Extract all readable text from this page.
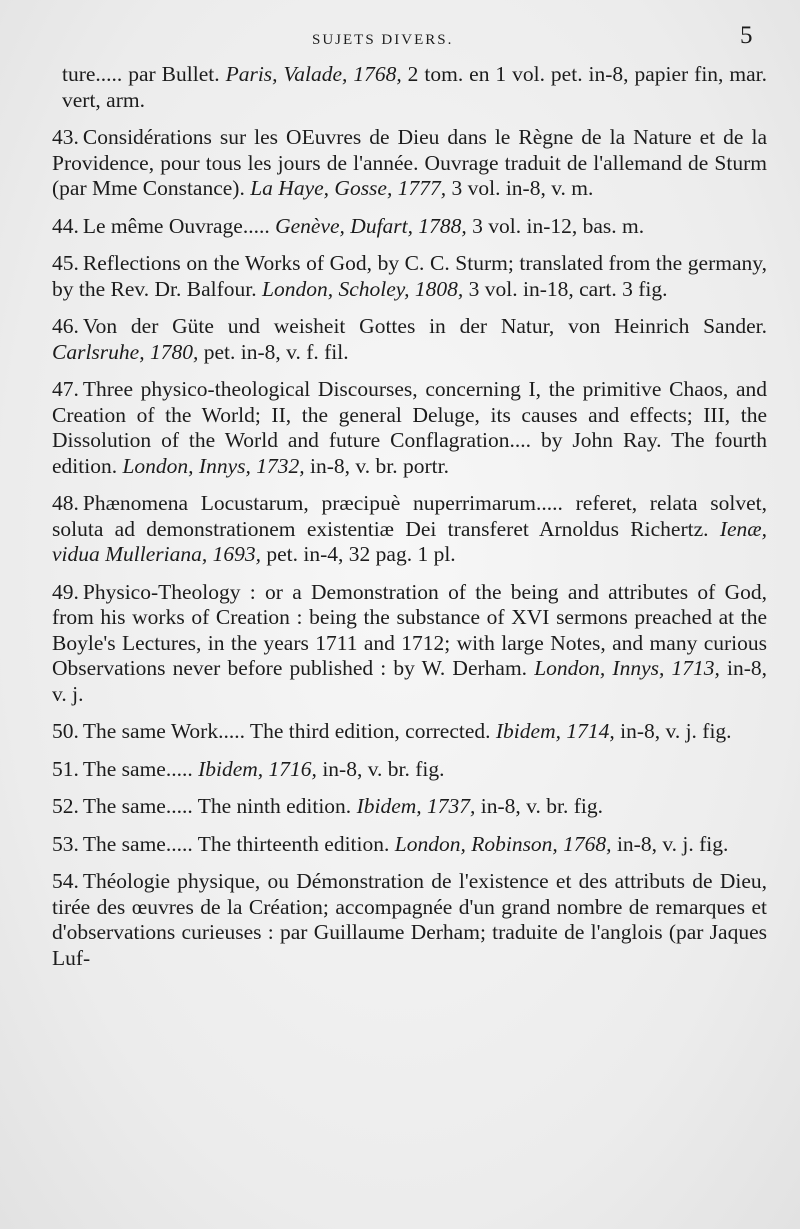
SUJETS DIVERS.	5
ture..... par Bullet. Paris, Valade, 1768, 2 tom. en 1 vol. pet. in-8, papier fin, mar. vert, arm.
43. Considérations sur les OEuvres de Dieu dans le Règne de la Nature et de la Providence, pour tous les jours de l'année. Ouvrage traduit de l'allemand de Sturm (par Mme Constance). La Haye, Gosse, 1777, 3 vol. in-8, v. m.
44. Le même Ouvrage..... Genève, Dufart, 1788, 3 vol. in-12, bas. m.
45. Reflections on the Works of God, by C. C. Sturm; translated from the germany, by the Rev. Dr. Balfour. London, Scholey, 1808, 3 vol. in-18, cart. 3 fig.
46. Von der Güte und weisheit Gottes in der Natur, von Heinrich Sander. Carlsruhe, 1780, pet. in-8, v. f. fil.
47. Three physico-theological Discourses, concerning I, the primitive Chaos, and Creation of the World; II, the general Deluge, its causes and effects; III, the Dissolution of the World and future Conflagration.... by John Ray. The fourth edition. London, Innys, 1732, in-8, v. br. portr.
48. Phænomena Locustarum, præcipuè nuperrimarum..... referet, relata solvet, soluta ad demonstrationem existentiæ Dei transferet Arnoldus Richertz. Ienæ, vidua Mulleriana, 1693, pet. in-4, 32 pag. 1 pl.
49. Physico-Theology : or a Demonstration of the being and attributes of God, from his works of Creation : being the substance of XVI sermons preached at the Boyle's Lectures, in the years 1711 and 1712; with large Notes, and many curious Observations never before published : by W. Derham. London, Innys, 1713, in-8, v. j.
50. The same Work..... The third edition, corrected. Ibidem, 1714, in-8, v. j. fig.
51. The same..... Ibidem, 1716, in-8, v. br. fig.
52. The same..... The ninth edition. Ibidem, 1737, in-8, v. br. fig.
53. The same..... The thirteenth edition. London, Robinson, 1768, in-8, v. j. fig.
54. Théologie physique, ou Démonstration de l'existence et des attributs de Dieu, tirée des œuvres de la Création; accompagnée d'un grand nombre de remarques et d'observations curieuses : par Guillaume Derham; traduite de l'anglois (par Jaques Luf-
